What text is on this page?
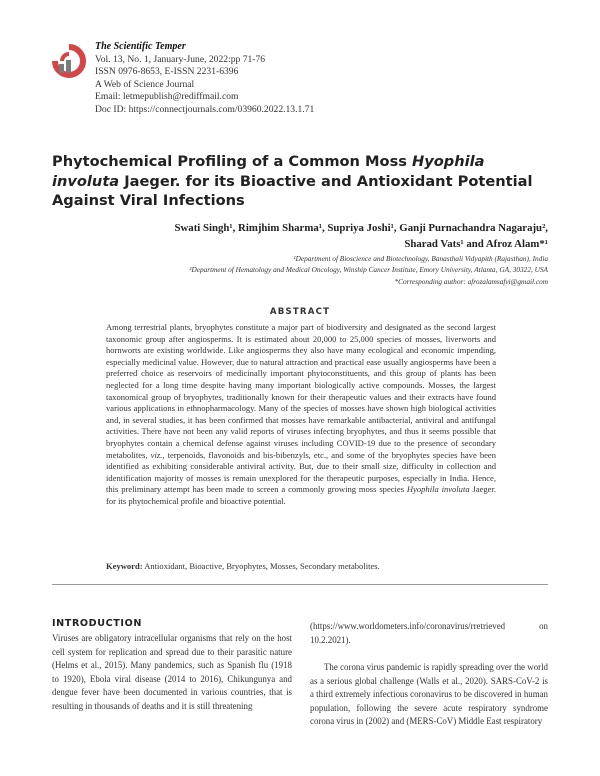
The Scientific Temper
Vol. 13, No. 1, January-June, 2022:pp 71-76
ISSN 0976-8653, E-ISSN 2231-6396
A Web of Science Journal
Email: letmepublish@rediffmail.com
Doc ID: https://connectjournals.com/03960.2022.13.1.71
Phytochemical Profiling of a Common Moss Hyophila involuta Jaeger. for its Bioactive and Antioxidant Potential Against Viral Infections
Swati Singh¹, Rimjhim Sharma¹, Supriya Joshi¹, Ganji Purnachandra Nagaraju²,
Sharad Vats¹ and Afroz Alam*¹
¹Department of Bioscience and Biotechnology, Banasthali Vidyapith (Rajasthan), India
²Department of Hematology and Medical Oncology, Winship Cancer Institute, Emory University, Atlanta, GA, 30322, USA
*Corresponding author: afrozalamsafvi@gmail.com
ABSTRACT
Among terrestrial plants, bryophytes constitute a major part of biodiversity and designated as the second largest taxonomic group after angiosperms. It is estimated about 20,000 to 25,000 species of mosses, liverworts and hornworts are existing worldwide. Like angiosperms they also have many ecological and economic impending, especially medicinal value. However, due to natural attraction and practical ease usually angiosperms have been a preferred choice as reservoirs of medicinally important phytoconstituents, and this group of plants has been neglected for a long time despite having many important biologically active compounds. Mosses, the largest taxonomical group of bryophytes, traditionally known for their therapeutic values and their extracts have found various applications in ethnopharmacology. Many of the species of mosses have shown high biological activities and, in several studies, it has been confirmed that mosses have remarkable antibacterial, antiviral and antifungal activities. There have not been any valid reports of viruses infecting bryophytes, and thus it seems possible that bryophytes contain a chemical defense against viruses including COVID-19 due to the presence of secondary metabolites, viz., terpenoids, flavonoids and bis-bibenzyls, etc., and some of the bryophytes species have been identified as exhibiting considerable antiviral activity. But, due to their small size, difficulty in collection and identification majority of mosses is remain unexplored for the therapeutic purposes, especially in India. Hence, this preliminary attempt has been made to screen a commonly growing moss species Hyophila involuta Jaeger. for its phytochemical profile and bioactive potential.
Keyword: Antioxidant, Bioactive, Bryophytes, Mosses, Secondary metabolites.
INTRODUCTION
Viruses are obligatory intracellular organisms that rely on the host cell system for replication and spread due to their parasitic nature (Helms et al., 2015). Many pandemics, such as Spanish flu (1918 to 1920), Ebola viral disease (2014 to 2016), Chikungunya and dengue fever have been documented in various countries, that is resulting in thousands of deaths and it is still threatening
(https://www.worldometers.info/coronavirus/rretrieved on 10.2.2021).
The corona virus pandemic is rapidly spreading over the world as a serious global challenge (Walls et al., 2020). SARS-CoV-2 is a third extremely infectious coronavirus to be discovered in human population, following the severe acute respiratory syndrome corona virus in (2002) and (MERS-CoV) Middle East respiratory
